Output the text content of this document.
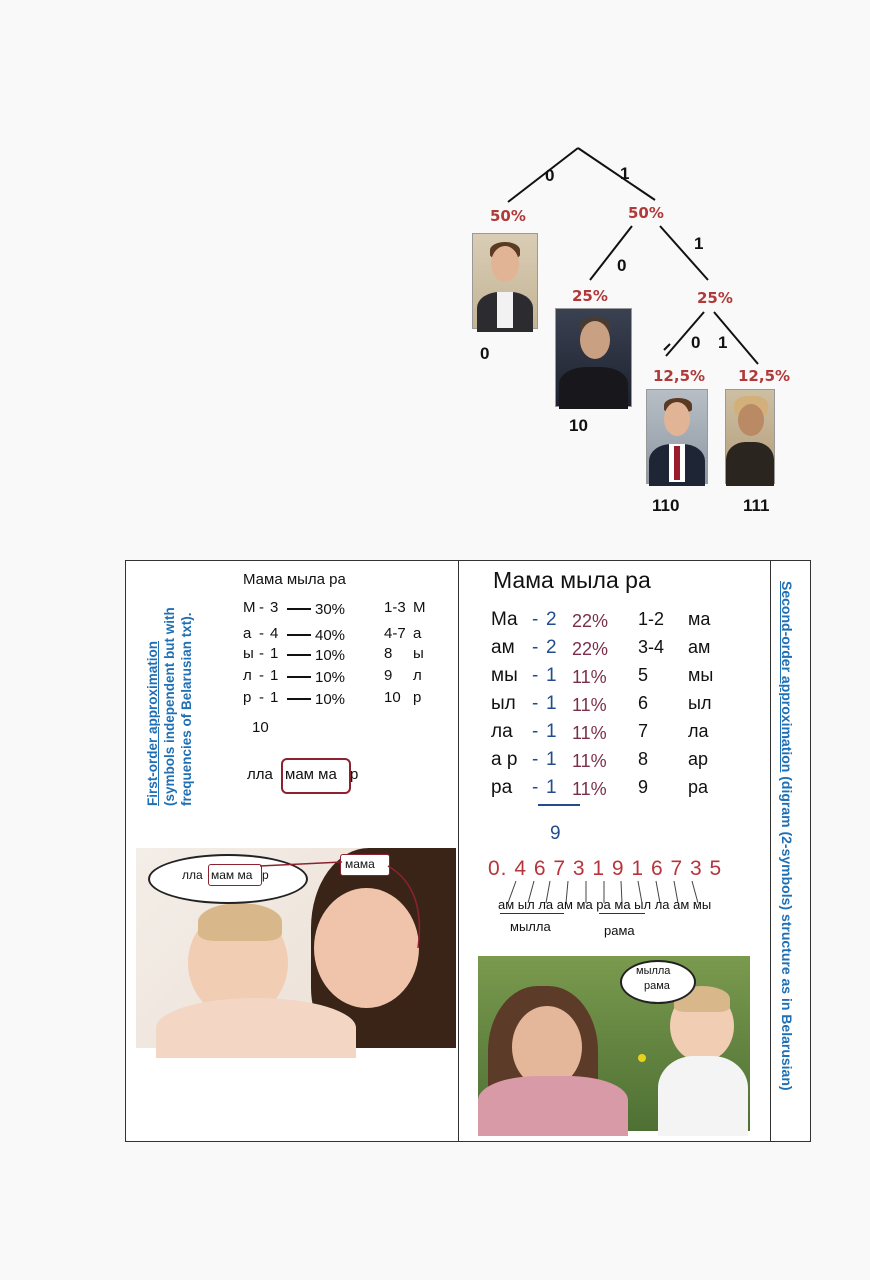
0	1
0
1
0 1
50%	50%
25%	25%
12,5% 12,5%
0
10
110	111
First-order approximation (symbols independent but with frequencies of Belarusian txt).	Second-order approximation (digram (2-symbols) structure as in Belarusian)
Мама мыла ра
М - 3 30%	1-3 М
а - 4 40%	4-7 а
ы - 1 10%	8 ы
л - 1 10%	9 л
р - 1 10%	10 р
10
лла мам ма р
лла мам ма р
мама
Мама мыла ра
Ма - 2 22% 1-2 ма
ам - 2 22% 3-4 ам
мы - 1 11% 5 мы
ыл - 1 11% 6 ыл
ла - 1 11% 7 ла
а р - 1 11% 8 ар
ра - 1 11% 9 ра
9
0. 4 6 7 3 1 9 1 6 7 3 5
ам ыл ла ам ма ра ма ыл ла ам мы
мылла	рама
мылла
рама
